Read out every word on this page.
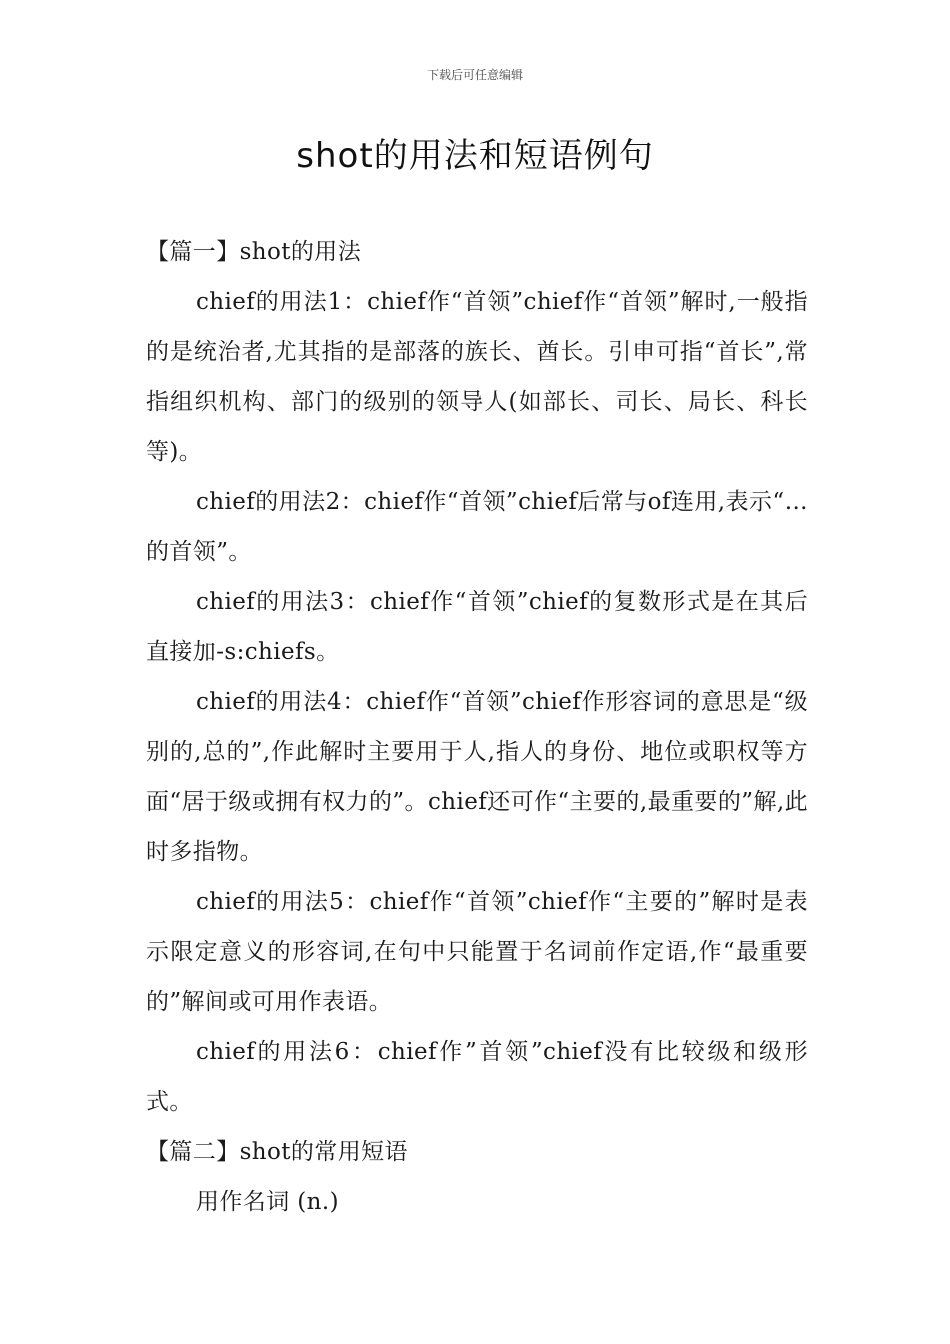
下载后可任意编辑
shot的用法和短语例句

【篇一】shot的用法

chief的用法1：chief作“首领”chief作“首领”解时,一般指的是统治者,尤其指的是部落的族长、酋长。引申可指“首长”,常指组织机构、部门的级别的领导人(如部长、司长、局长、科长等)。

chief的用法2：chief作“首领”chief后常与of连用,表示“…的首领”。

chief的用法3：chief作“首领”chief的复数形式是在其后直接加-s:chiefs。

chief的用法4：chief作“首领”chief作形容词的意思是“级别的,总的”,作此解时主要用于人,指人的身份、地位或职权等方面“居于级或拥有权力的”。chief还可作“主要的,最重要的”解,此时多指物。

chief的用法5：chief作“首领”chief作“主要的”解时是表示限定意义的形容词,在句中只能置于名词前作定语,作“最重要的”解间或可用作表语。

chief的用法6：chief作”首领”chief没有比较级和级形式。

【篇二】shot的常用短语

用作名词 (n.)
